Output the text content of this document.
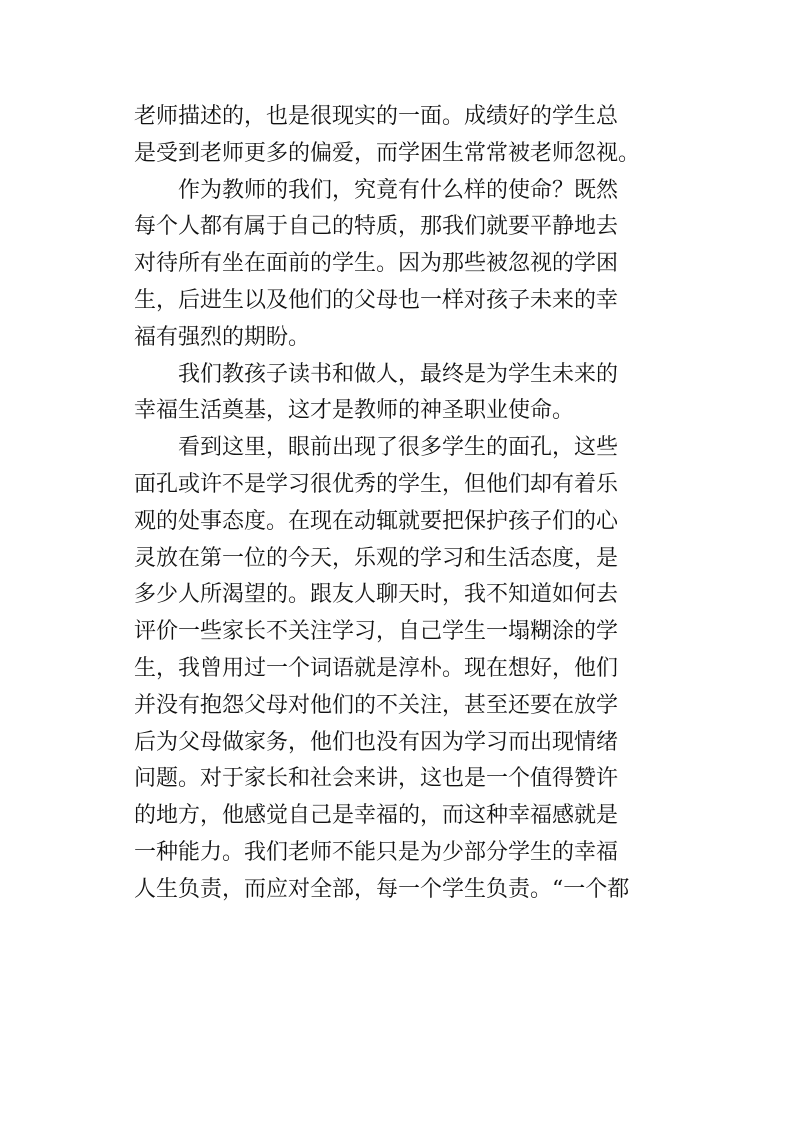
老师描述的，也是很现实的一面。成绩好的学生总
是受到老师更多的偏爱，而学困生常常被老师忽视。
作为教师的我们，究竟有什么样的使命？既然
每个人都有属于自己的特质，那我们就要平静地去
对待所有坐在面前的学生。因为那些被忽视的学困
生，后进生以及他们的父母也一样对孩子未来的幸
福有强烈的期盼。
我们教孩子读书和做人，最终是为学生未来的
幸福生活奠基，这才是教师的神圣职业使命。
看到这里，眼前出现了很多学生的面孔，这些
面孔或许不是学习很优秀的学生，但他们却有着乐
观的处事态度。在现在动辄就要把保护孩子们的心
灵放在第一位的今天，乐观的学习和生活态度，是
多少人所渴望的。跟友人聊天时，我不知道如何去
评价一些家长不关注学习，自己学生一塌糊涂的学
生，我曾用过一个词语就是淳朴。现在想好，他们
并没有抱怨父母对他们的不关注，甚至还要在放学
后为父母做家务，他们也没有因为学习而出现情绪
问题。对于家长和社会来讲，这也是一个值得赞许
的地方，他感觉自己是幸福的，而这种幸福感就是
一种能力。我们老师不能只是为少部分学生的幸福
人生负责，而应对全部，每一个学生负责。“一个都
